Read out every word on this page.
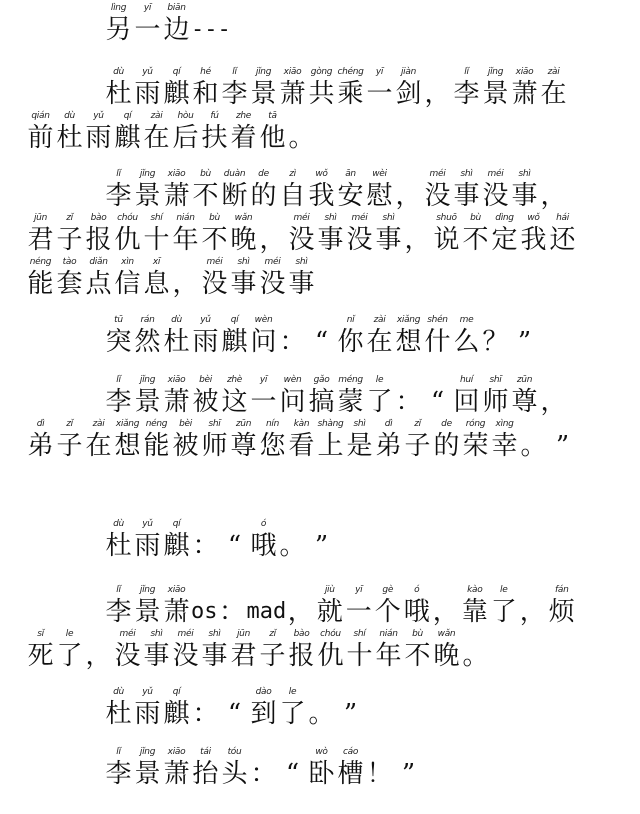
lìng
另
yī
一
biān
边 ---
dù
杜
yǔ
雨
qí
麒
hé
和
lǐ
李
jǐng
景
xiāo
萧
gòng
共
chéng
乘
yī
一
jiàn
剑 ，
lǐ
李
jǐng
景
xiāo
萧
zài
在
qián
前
dù
杜
yǔ
雨
qí
麒
zài
在
hòu
后
fú
扶
zhe
着
tā
他 。
lǐ
李
jǐng
景
xiāo
萧
bù
不
duàn
断
de
的
zì
自
wǒ
我
ān
安
wèi
慰 ，
méi
没
shì
事
méi
没
shì
事 ，
jūn
君
zǐ
子
bào
报
chóu
仇
shí
十
nián
年
bù
不
wǎn
晚 ，
méi
没
shì
事
méi
没
shì
事 ，
shuō
说
bù
不
dìng
定
wǒ
我
hái
还
néng
能
tào
套
diǎn
点
xìn
信
xī
息 ，
méi
没
shì
事
méi
没
shì
事
tū
突
rán
然
dù
杜
yǔ
雨
qí
麒
wèn
问 ： “
nǐ
你
zài
在
xiǎng
想
shén
什
me
么 ？ ”
lǐ
李
jǐng
景
xiāo
萧
bèi
被
zhè
这
yī
一
wèn
问
gǎo
搞
méng
蒙
le
了 ： “
huí
回
shī
师
zūn
尊 ，
dì
弟
zǐ
子
zài
在
xiǎng
想
néng
能
bèi
被
shī
师
zūn
尊
nín
您
kàn
看
shàng
上
shì
是
dì
弟
zǐ
子
de
的
róng
荣
xìng
幸 。 ”
dù
杜
yǔ
雨
qí
麒 ： “
ó
哦 。 ”
lǐ
李
jǐng
景
xiāo
萧 os ： mad ，
jiù
就
yī
一
gè
个
ó
哦 ，
kào
靠
le
了 ，
fán
烦
sǐ
死
le
了 ，
méi
没
shì
事
méi
没
shì
事
jūn
君
zǐ
子
bào
报
chóu
仇
shí
十
nián
年
bù
不
wǎn
晚 。
dù
杜
yǔ
雨
qí
麒 ： “
dào
到
le
了 。 ”
lǐ
李
jǐng
景
xiāo
萧
tái
抬
tóu
头 ： “
wò
卧
cáo
槽 ！ ”
